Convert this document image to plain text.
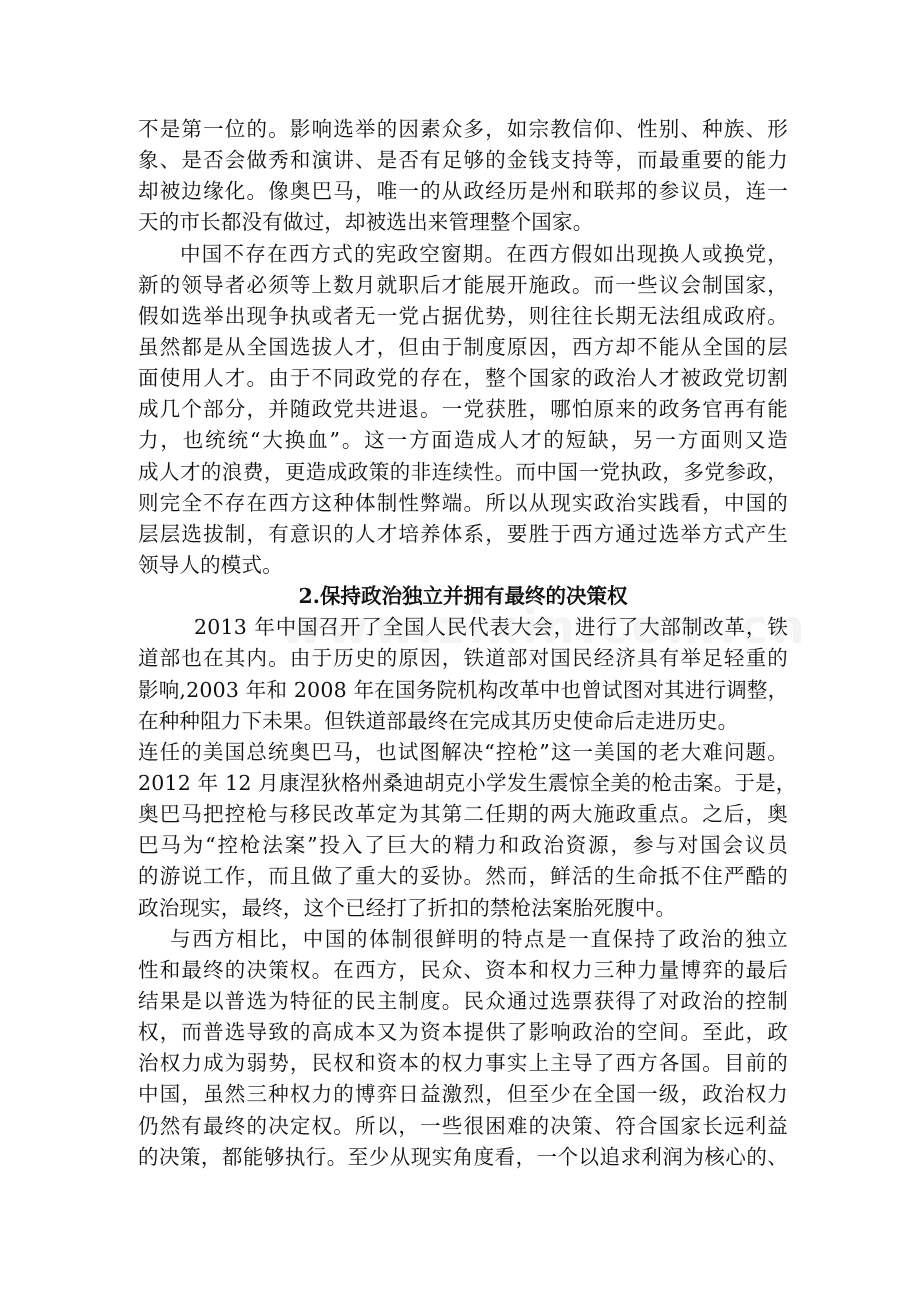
不是第一位的。影响选举的因素众多，如宗教信仰、性别、种族、形
象、是否会做秀和演讲、是否有足够的金钱支持等，而最重要的能力
却被边缘化。像奥巴马，唯一的从政经历是州和联邦的参议员，连一
天的市长都没有做过，却被选出来管理整个国家。
中国不存在西方式的宪政空窗期。在西方假如出现换人或换党，
新的领导者必须等上数月就职后才能展开施政。而一些议会制国家，
假如选举出现争执或者无一党占据优势，则往往长期无法组成政府。
虽然都是从全国选拔人才，但由于制度原因，西方却不能从全国的层
面使用人才。由于不同政党的存在，整个国家的政治人才被政党切割
成几个部分，并随政党共进退。一党获胜，哪怕原来的政务官再有能
力，也统统“大换血”。这一方面造成人才的短缺，另一方面则又造
成人才的浪费，更造成政策的非连续性。而中国一党执政，多党参政，
则完全不存在西方这种体制性弊端。所以从现实政治实践看，中国的
层层选拔制，有意识的人才培养体系，要胜于西方通过选举方式产生
领导人的模式。
2.保持政治独立并拥有最终的决策权
2013 年中国召开了全国人民代表大会，进行了大部制改革，铁
道部也在其内。由于历史的原因，铁道部对国民经济具有举足轻重的
影响,2003 年和 2008 年在国务院机构改革中也曾试图对其进行调整，
在种种阻力下未果。但铁道部最终在完成其历史使命后走进历史。
连任的美国总统奥巴马，也试图解决“控枪”这一美国的老大难问题。
2012 年 12 月康涅狄格州桑迪胡克小学发生震惊全美的枪击案。于是，
奥巴马把控枪与移民改革定为其第二任期的两大施政重点。之后，奥
巴马为“控枪法案”投入了巨大的精力和政治资源，参与对国会议员
的游说工作，而且做了重大的妥协。然而，鲜活的生命抵不住严酷的
政治现实，最终，这个已经打了折扣的禁枪法案胎死腹中。
与西方相比，中国的体制很鲜明的特点是一直保持了政治的独立
性和最终的决策权。在西方，民众、资本和权力三种力量博弈的最后
结果是以普选为特征的民主制度。民众通过选票获得了对政治的控制
权，而普选导致的高成本又为资本提供了影响政治的空间。至此，政
治权力成为弱势，民权和资本的权力事实上主导了西方各国。目前的
中国，虽然三种权力的博弈日益激烈，但至少在全国一级，政治权力
仍然有最终的决定权。所以，一些很困难的决策、符合国家长远利益
的决策，都能够执行。至少从现实角度看，一个以追求利润为核心的、
